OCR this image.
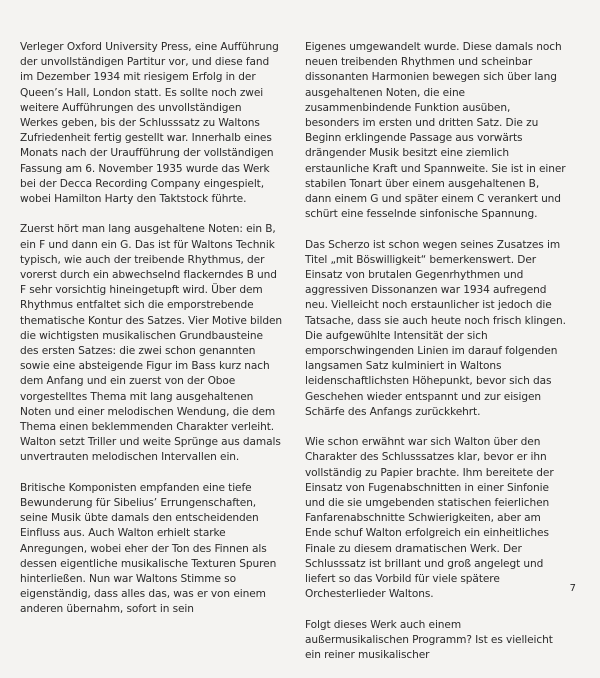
Verleger Oxford University Press, eine Aufführung der unvollständigen Partitur vor, und diese fand im Dezember 1934 mit riesigem Erfolg in der Queen’s Hall, London statt. Es sollte noch zwei weitere Aufführungen des unvollständigen Werkes geben, bis der Schlusssatz zu Waltons Zufriedenheit fertig gestellt war. Innerhalb eines Monats nach der Uraufführung der vollständigen Fassung am 6. November 1935 wurde das Werk bei der Decca Recording Company eingespielt, wobei Hamilton Harty den Taktstock führte.

Zuerst hört man lang ausgehaltene Noten: ein B, ein F und dann ein G. Das ist für Waltons Technik typisch, wie auch der treibende Rhythmus, der vorerst durch ein abwechselnd flackerndes B und F sehr vorsichtig hineingetupft wird. Über dem Rhythmus entfaltet sich die emporstrebende thematische Kontur des Satzes. Vier Motive bilden die wichtigsten musikalischen Grundbausteine des ersten Satzes: die zwei schon genannten sowie eine absteigende Figur im Bass kurz nach dem Anfang und ein zuerst von der Oboe vorgestelltes Thema mit lang ausgehaltenen Noten und einer melodischen Wendung, die dem Thema einen beklemmenden Charakter verleiht. Walton setzt Triller und weite Sprünge aus damals unvertrauten melodischen Intervallen ein.

Britische Komponisten empfanden eine tiefe Bewunderung für Sibelius’ Errungenschaften, seine Musik übte damals den entscheidenden Einfluss aus. Auch Walton erhielt starke Anregungen, wobei eher der Ton des Finnen als dessen eigentliche musikalische Texturen Spuren hinterließen. Nun war Waltons Stimme so eigenständig, dass alles das, was er von einem anderen übernahm, sofort in sein

Eigenes umgewandelt wurde. Diese damals noch neuen treibenden Rhythmen und scheinbar dissonanten Harmonien bewegen sich über lang ausgehaltenen Noten, die eine zusammenbindende Funktion ausüben, besonders im ersten und dritten Satz. Die zu Beginn erklingende Passage aus vorwärts drängender Musik besitzt eine ziemlich erstaunliche Kraft und Spannweite. Sie ist in einer stabilen Tonart über einem ausgehaltenen B, dann einem G und später einem C verankert und schürt eine fesselnde sinfonische Spannung.

Das Scherzo ist schon wegen seines Zusatzes im Titel „mit Böswilligkeit“ bemerkenswert. Der Einsatz von brutalen Gegenrhythmen und aggressiven Dissonanzen war 1934 aufregend neu. Vielleicht noch erstaunlicher ist jedoch die Tatsache, dass sie auch heute noch frisch klingen. Die aufgewühlte Intensität der sich emporschwingenden Linien im darauf folgenden langsamen Satz kulminiert in Waltons leidenschaftlichsten Höhepunkt, bevor sich das Geschehen wieder entspannt und zur eisigen Schärfe des Anfangs zurückkehrt.

Wie schon erwähnt war sich Walton über den Charakter des Schlusssatzes klar, bevor er ihn vollständig zu Papier brachte. Ihm bereitete der Einsatz von Fugenabschnitten in einer Sinfonie und die sie umgebenden statischen feierlichen Fanfarenabschnitte Schwierigkeiten, aber am Ende schuf Walton erfolgreich ein einheitliches Finale zu diesem dramatischen Werk. Der Schlusssatz ist brillant und groß angelegt und liefert so das Vorbild für viele spätere Orchesterlieder Waltons.

Folgt dieses Werk auch einem außermusikalischen Programm? Ist es vielleicht ein reiner musikalischer

7
